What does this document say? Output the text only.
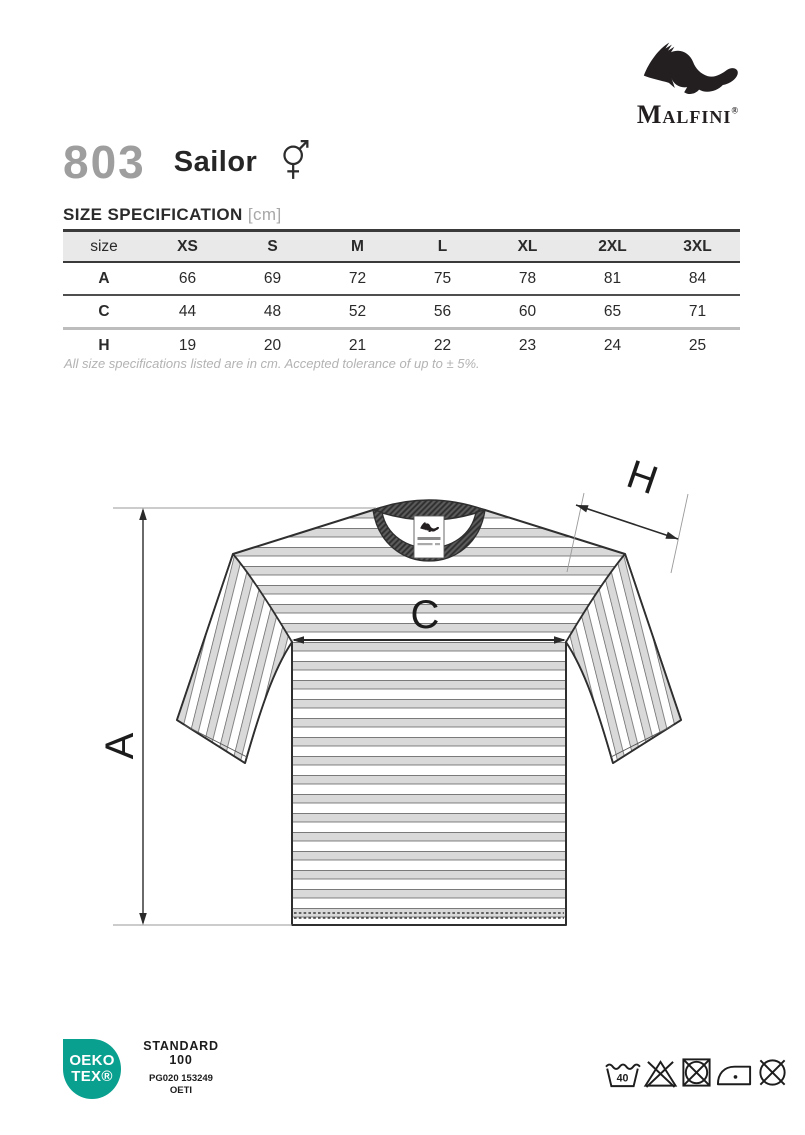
Malfini®
803 Sailor
SIZE SPECIFICATION [cm]
size	XS	S	M	L	XL	2XL	3XL
A	66	69	72	75	78	81	84
C	44	48	52	56	60	65	71
H	19	20	21	22	23	24	25
All size specifications listed are in cm. Accepted tolerance of up to ± 5%.
A
C
H
OEKO
TEX®
STANDARD
100
PG020 153249
OETI
40
